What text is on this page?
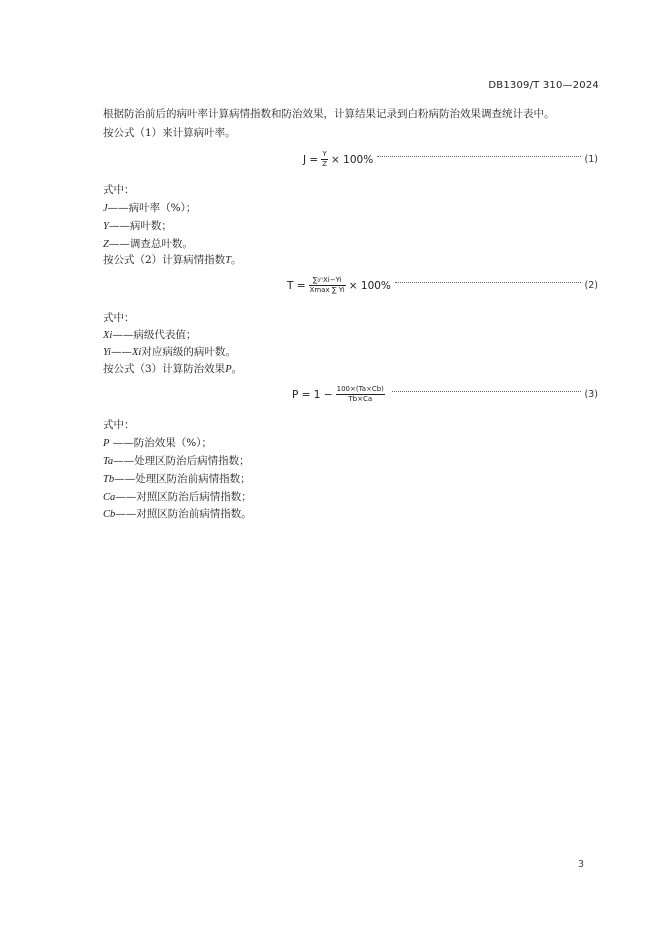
DB1309/T 310—2024
根据防治前后的病叶率计算病情指数和防治效果，计算结果记录到白粉病防治效果调查统计表中。
按公式（1）来计算病叶率。
$J = \frac{Y}{Z} \times 100\%$	(1)
式中：
J——病叶率（%）；
Y——病叶数；
Z——调查总叶数。
按公式（2）计算病情指数T。
$T = \frac{\text{∑₀ⁿXi−Yi}}{Xmax \sum Yi} \times 100\%$	(2)
式中：
Xi——病级代表值；
Yi——Xi对应病级的病叶数。
按公式（3）计算防治效果P。
$P = 1 - \frac{100\times(Ta\times Cb)}{Tb\times Ca}$	(3)
式中：
P ——防治效果（%）；
Ta——处理区防治后病情指数；
Tb——处理区防治前病情指数；
Ca——对照区防治后病情指数；
Cb——对照区防治前病情指数。
3
